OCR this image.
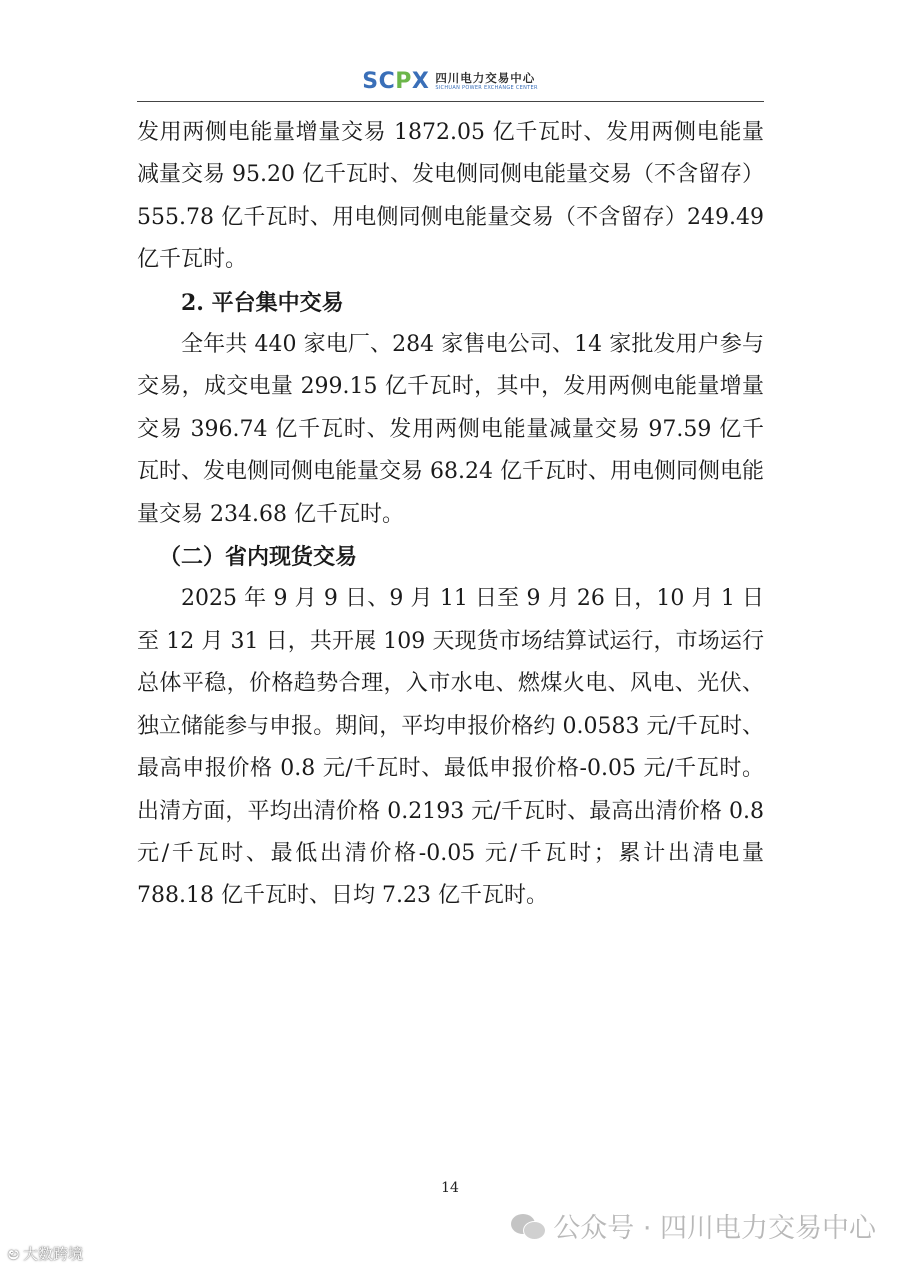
SCPX 四川电力交易中心
SICHUAN POWER EXCHANGE CENTER

发用两侧电能量增量交易 1872.05 亿千瓦时、发用两侧电能量减量交易 95.20 亿千瓦时、发电侧同侧电能量交易（不含留存）555.78 亿千瓦时、用电侧同侧电能量交易（不含留存）249.49 亿千瓦时。

2. 平台集中交易

全年共 440 家电厂、284 家售电公司、14 家批发用户参与交易，成交电量 299.15 亿千瓦时，其中，发用两侧电能量增量交易 396.74 亿千瓦时、发用两侧电能量减量交易 97.59 亿千瓦时、发电侧同侧电能量交易 68.24 亿千瓦时、用电侧同侧电能量交易 234.68 亿千瓦时。

（二）省内现货交易

2025 年 9 月 9 日、9 月 11 日至 9 月 26 日，10 月 1 日至 12 月 31 日，共开展 109 天现货市场结算试运行，市场运行总体平稳，价格趋势合理，入市水电、燃煤火电、风电、光伏、独立储能参与申报。期间，平均申报价格约 0.0583 元/千瓦时、最高申报价格 0.8 元/千瓦时、最低申报价格-0.05 元/千瓦时。出清方面，平均出清价格 0.2193 元/千瓦时、最高出清价格 0.8 元/千瓦时、最低出清价格-0.05 元/千瓦时；累计出清电量 788.18 亿千瓦时、日均 7.23 亿千瓦时。

14
公众号 · 四川电力交易中心
ಲ 大数跨境
